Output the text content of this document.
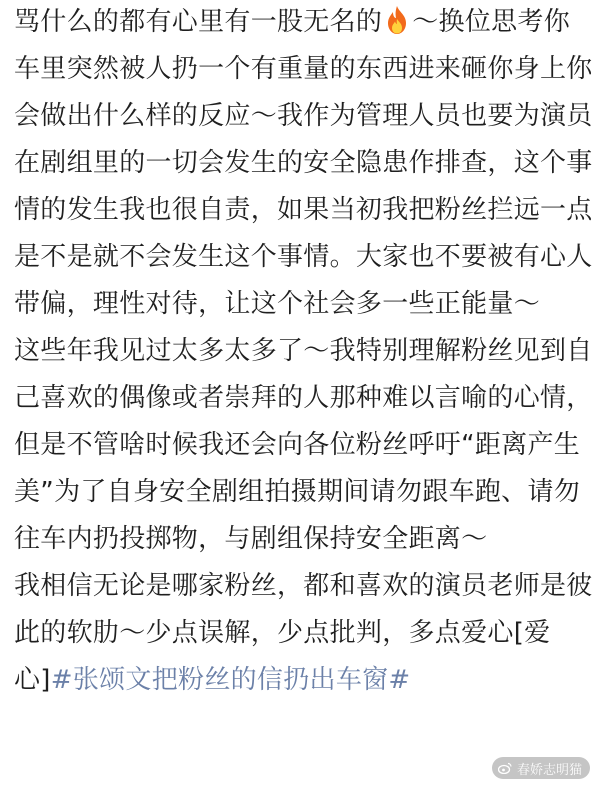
骂什么的都有心里有一股无名的 ～换位思考你
车里突然被人扔一个有重量的东西进来砸你身上你
会做出什么样的反应～我作为管理人员也要为演员
在剧组里的一切会发生的安全隐患作排查，这个事
情的发生我也很自责，如果当初我把粉丝拦远一点
是不是就不会发生这个事情。大家也不要被有心人
带偏，理性对待，让这个社会多一些正能量～
这些年我见过太多太多了～我特别理解粉丝见到自
己喜欢的偶像或者崇拜的人那种难以言喻的心情，
但是不管啥时候我还会向各位粉丝呼吁“距离产生
美”为了自身安全剧组拍摄期间请勿跟车跑、请勿
往车内扔投掷物，与剧组保持安全距离～
我相信无论是哪家粉丝，都和喜欢的演员老师是彼
此的软肋～少点误解，少点批判，多点爱心[爱
心]#张颂文把粉丝的信扔出车窗#
春娇志明猫
